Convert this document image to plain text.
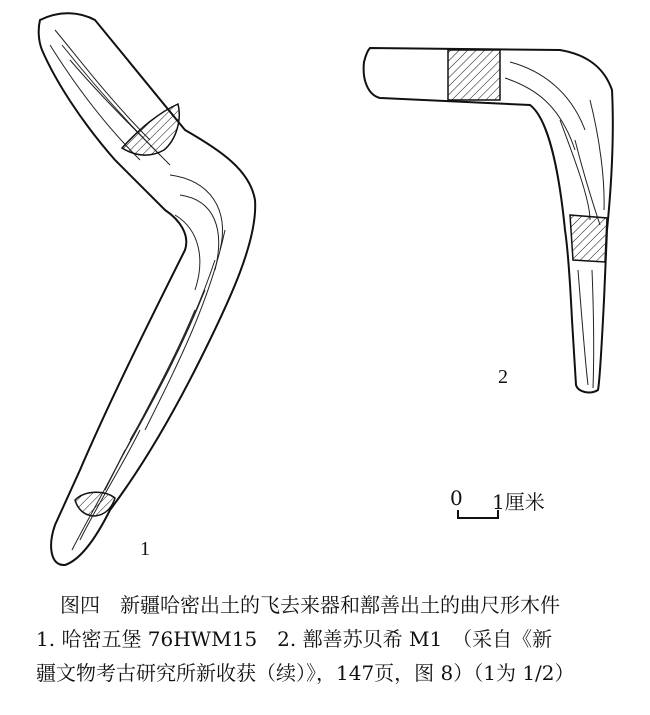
1
2
0 1厘米
图四　新疆哈密出土的飞去来器和鄯善出土的曲尺形木件
1. 哈密五堡 76HWM15　2. 鄯善苏贝希 M1　（采自《新
疆文物考古研究所新收获（续）》，147页，图 8）（1为 1/2）
